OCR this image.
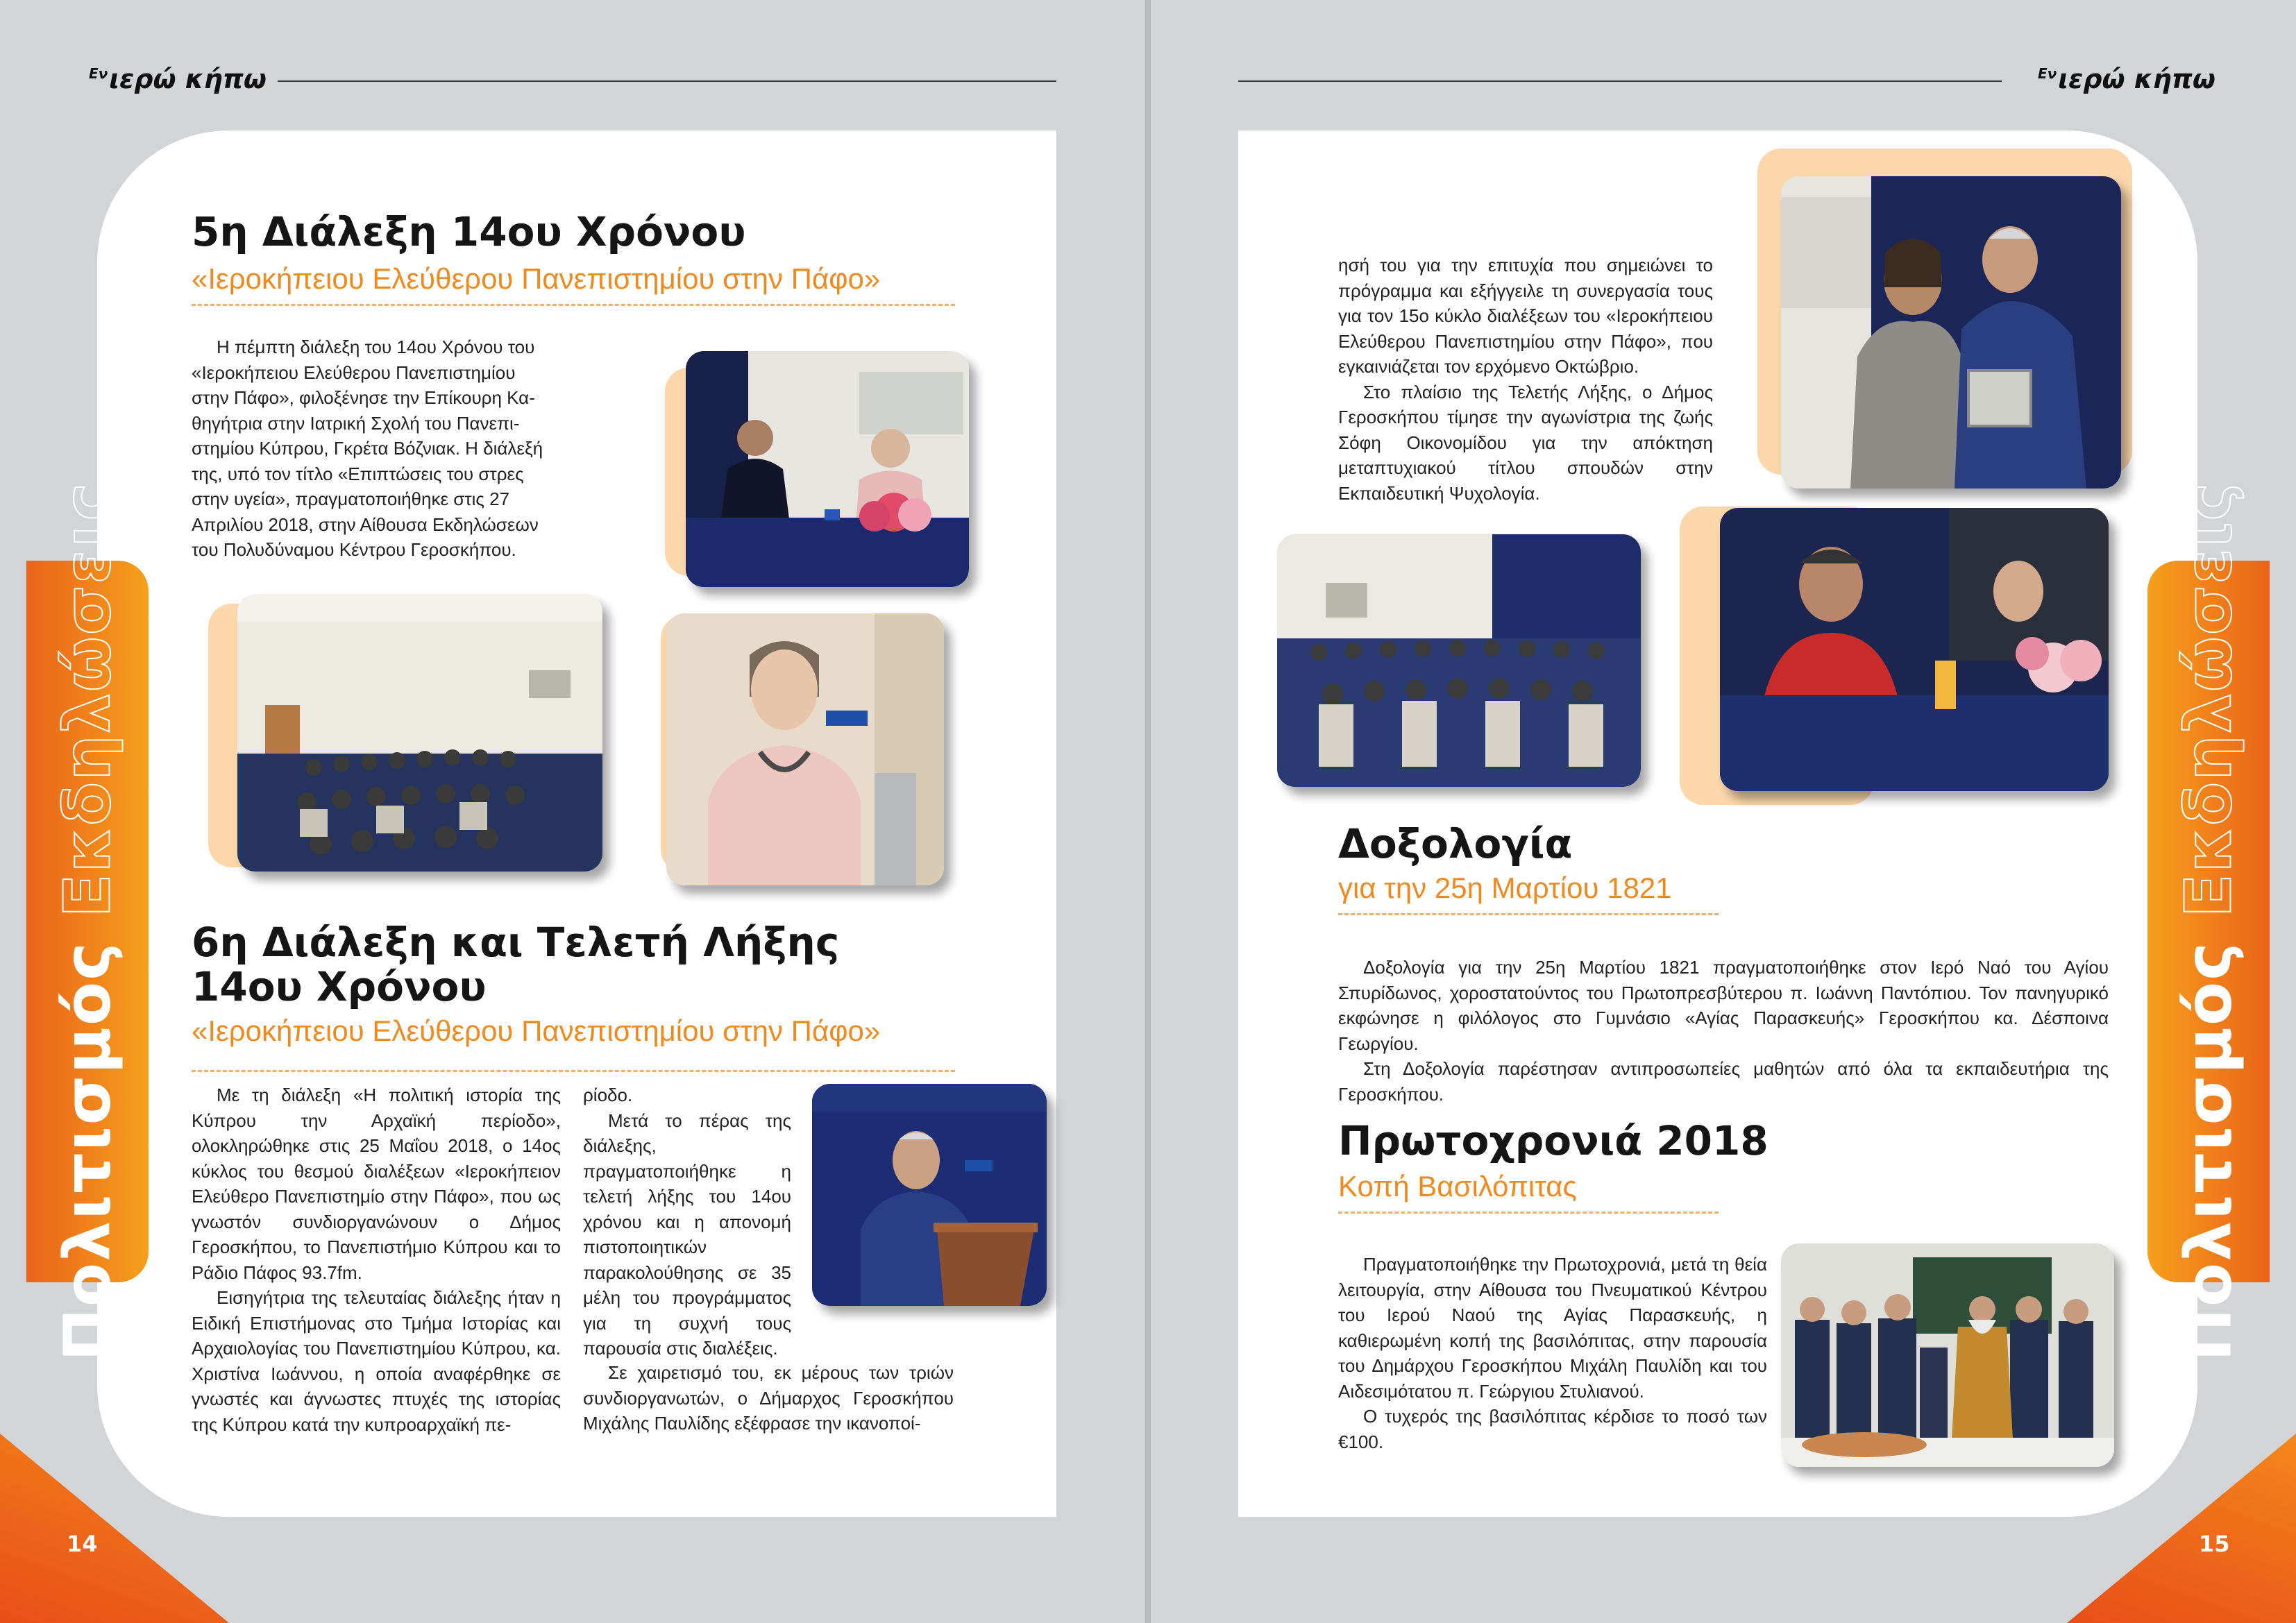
$^{E\nu}$ιερώ κήπω
Πολιτισμός Εκδηλώσεις
14
5η Διάλεξη 14ου Χρόνου
«Ιεροκήπειου Ελεύθερου Πανεπιστημίου στην Πάφο»
Η πέμπτη διάλεξη του 14ου Χρόνου του
«Ιεροκήπειου Ελεύθερου Πανεπιστημίου
στην Πάφο», φιλοξένησε την Επίκουρη Κα-
θηγήτρια στην Ιατρική Σχολή του Πανεπι-
στημίου Κύπρου, Γκρέτα Βόζνιακ. Η διάλεξή
της, υπό τον τίτλο «Επιπτώσεις του στρες
στην υγεία», πραγματοποιήθηκε στις 27
Απριλίου 2018, στην Αίθουσα Εκδηλώσεων
του Πολυδύναμου Κέντρου Γεροσκήπου.
6η Διάλεξη και Τελετή Λήξης
14ου Χρόνου
«Ιεροκήπειου Ελεύθερου Πανεπιστημίου στην Πάφο»

Με τη διάλεξη «Η πολιτική ιστορία της Κύπρου την Αρχαϊκή περίοδο», ολοκληρώθηκε στις 25 Μαΐου 2018, ο 14ος κύκλος του θεσμού διαλέξεων «Ιεροκήπειον Ελεύθερο Πανεπιστημίο στην Πάφο», που ως γνωστόν συνδιοργανώνουν ο Δήμος Γεροσκήπου, το Πανεπιστήμιο Κύπρου και το Ράδιο Πάφος 93.7fm.

Εισηγήτρια της τελευταίας διάλεξης ήταν η Ειδική Επιστήμονας στο Τμήμα Ιστορίας και Αρχαιολογίας του Πανεπιστημίου Κύπρου, κα. Χριστίνα Ιωάννου, η οποία αναφέρθηκε σε γνωστές και άγνωστες πτυχές της ιστορίας της Κύπρου κατά την κυπροαρχαϊκή πε-

ρίοδο.

Μετά το πέρας της διάλεξης, πραγματοποιήθηκε η τελετή λήξης του 14ου χρόνου και η απονομή πιστοποιητικών παρακολούθησης σε 35 μέλη του προγράμματος για τη συχνή τους παρουσία στις διαλέξεις.

Σε χαιρετισμό του, εκ μέρους των τριών συνδιοργανωτών, ο Δήμαρχος Γεροσκήπου Μιχάλης Παυλίδης εξέφρασε την ικανοποί-

$^{E\nu}$ιερώ κήπω
Πολιτισμός Εκδηλώσεις
15

ησή του για την επιτυχία που σημειώνει το πρόγραμμα και εξήγγειλε τη συνεργασία τους για τον 15ο κύκλο διαλέξεων του «Ιεροκήπειου Ελεύθερου Πανεπιστημίου στην Πάφο», που εγκαινιάζεται τον ερχόμενο Οκτώβριο.

Στο πλαίσιο της Τελετής Λήξης, ο Δήμος Γεροσκήπου τίμησε την αγωνίστρια της ζωής Σόφη Οικονομίδου για την απόκτηση μεταπτυχιακού τίτλου σπουδών στην Εκπαιδευτική Ψυχολογία.

Δοξολογία
για την 25η Μαρτίου 1821

Δοξολογία για την 25η Μαρτίου 1821 πραγματοποιήθηκε στον Ιερό Ναό του Αγίου Σπυρίδωνος, χοροστατούντος του Πρωτοπρεσβύτερου π. Ιωάννη Παντόπιου. Τον πανηγυρικό εκφώνησε η φιλόλογος στο Γυμνάσιο «Αγίας Παρασκευής» Γεροσκήπου κα. Δέσποινα Γεωργίου.

Στη Δοξολογία παρέστησαν αντιπροσωπείες μαθητών από όλα τα εκπαιδευτήρια της Γεροσκήπου.

Πρωτοχρονιά 2018
Κοπή Βασιλόπιτας

Πραγματοποιήθηκε την Πρωτοχρονιά, μετά τη θεία λειτουργία, στην Αίθουσα του Πνευματικού Κέντρου του Ιερού Ναού της Αγίας Παρασκευής, η καθιερωμένη κοπή της βασιλόπιτας, στην παρουσία του Δημάρχου Γεροσκήπου Μιχάλη Παυλίδη και του Αιδεσιμότατου π. Γεώργιου Στυλιανού.

Ο τυχερός της βασιλόπιτας κέρδισε το ποσό των €100.
